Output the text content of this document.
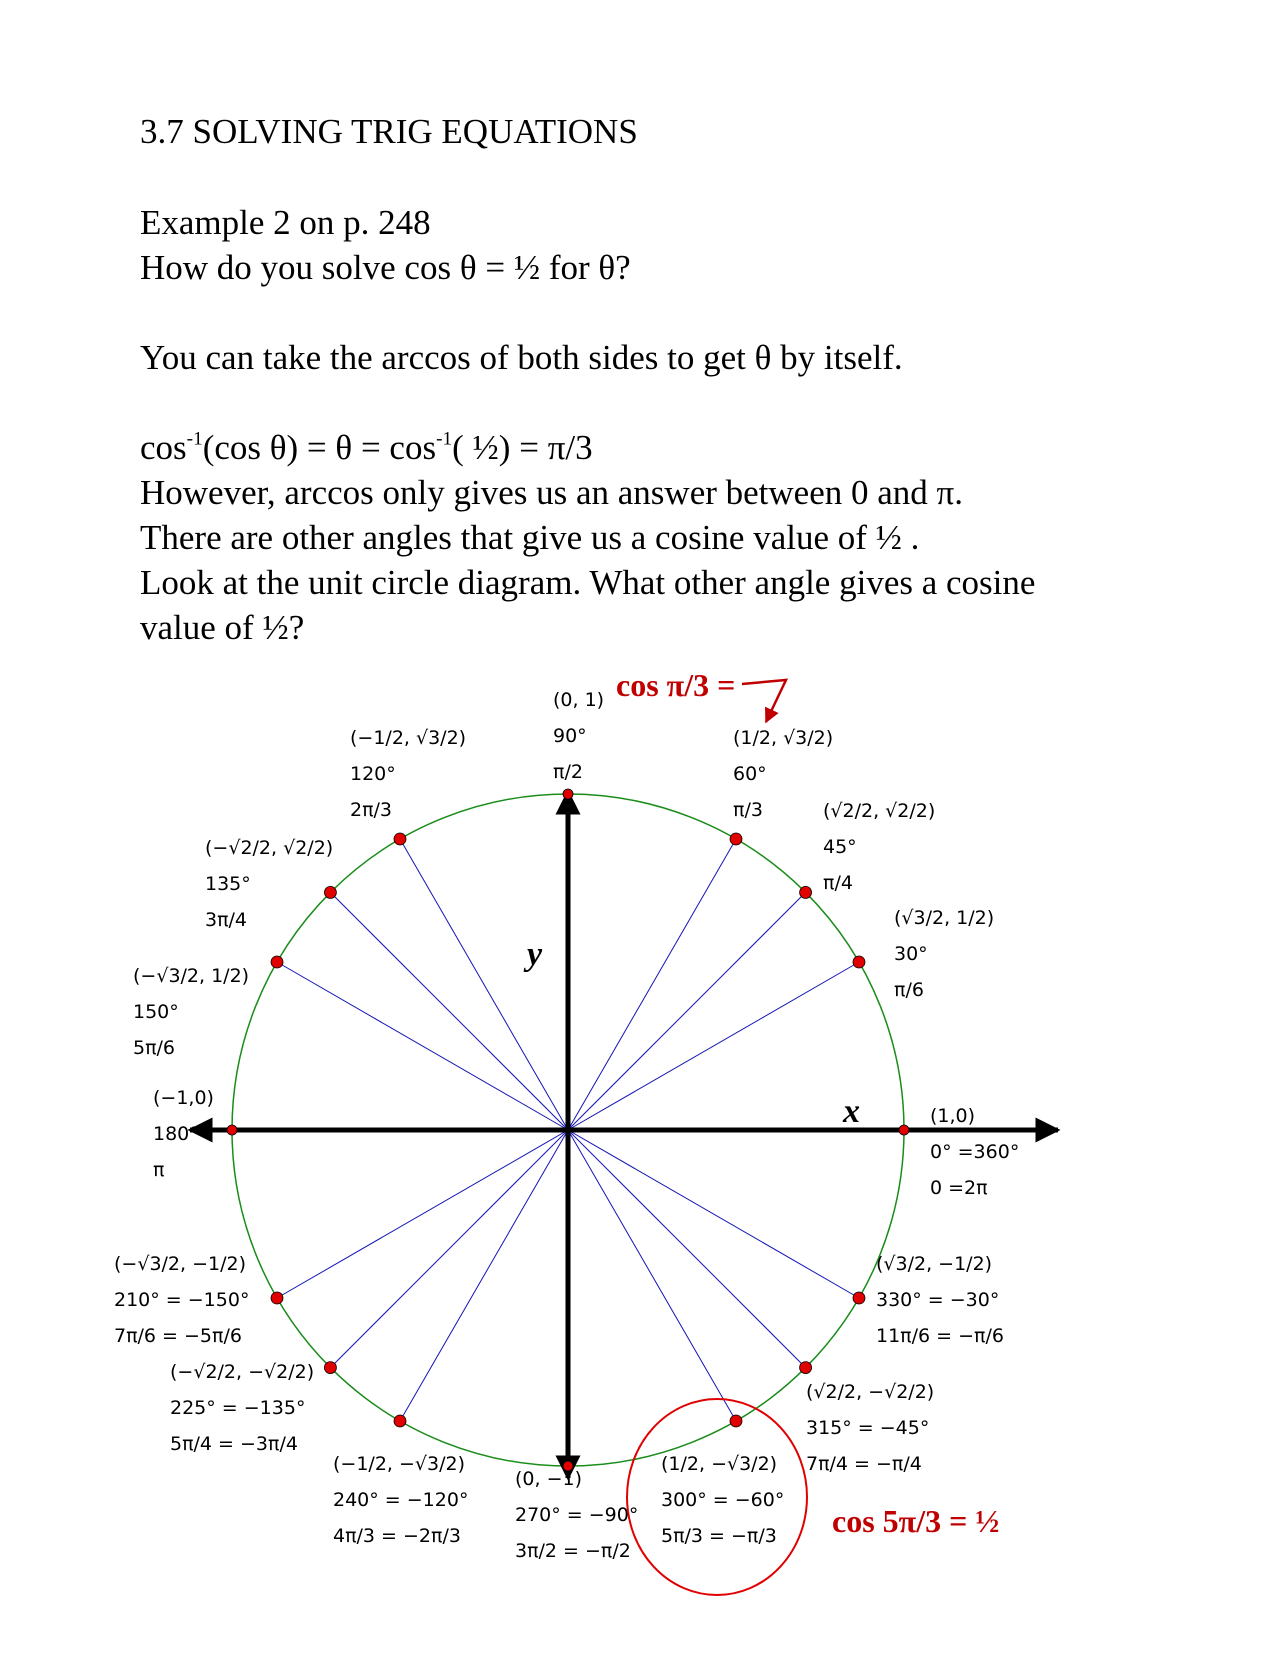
3.7 SOLVING TRIG EQUATIONS
Example 2 on p. 248
How do you solve cos θ = ½ for θ?
You can take the arccos of both sides to get θ by itself.
$\cos^{-1}(\cos$ $\theta) = \theta = \cos^{-1}$( ½) = π/3
However, arccos only gives us an answer between 0 and π.
There are other angles that give us a cosine value of ½ .
Look at the unit circle diagram. What other angle gives a cosine
value of ½?
y
x	(1,0)
0° =360°
0 =2π
(√3/2, 1/2)
30°
π/6
(√2/2, √2/2)
45°
π/4
(1/2, √3/2)
60°
π/3
(0, 1)
90°
π/2
(−1/2, √3/2)
120°
2π/3
(−√2/2, √2/2)
135°
3π/4
(−√3/2, 1/2)
150°
5π/6
(−1,0)
180°
π
(−√3/2, −1/2)
210° = −150°
7π/6 = −5π/6
(−√2/2, −√2/2)
225° = −135°
5π/4 = −3π/4
(−1/2, −√3/2)
240° = −120°
4π/3 = −2π/3
(0, −1)
270° = −90°
3π/2 = −π/2
(1/2, −√3/2)
300° = −60°
5π/3 = −π/3
(√2/2, −√2/2)
315° = −45°
7π/4 = −π/4
(√3/2, −1/2)
330° = −30°
11π/6 = −π/6
cos π/3 =
cos 5π/3 = ½
